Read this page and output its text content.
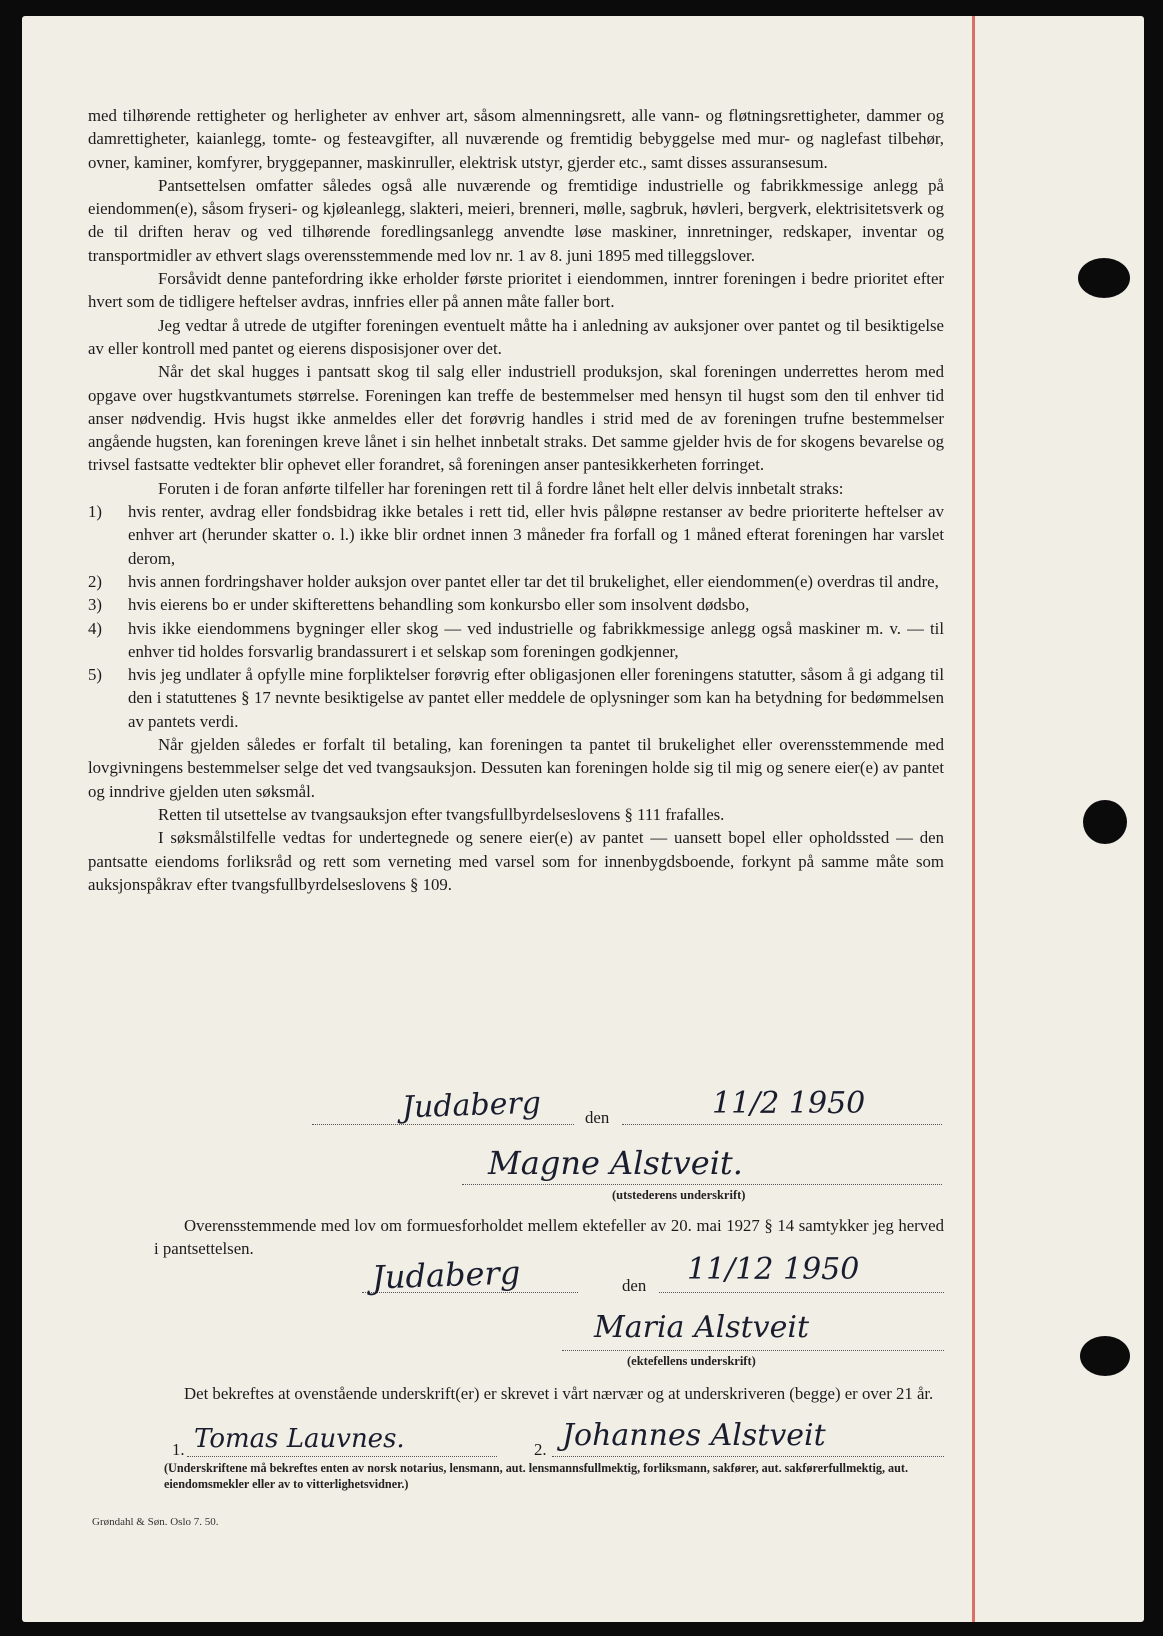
med tilhørende rettigheter og herligheter av enhver art, såsom almenningsrett, alle vann- og fløtningsrettigheter, dammer og damrettigheter, kaianlegg, tomte- og festeavgifter, all nuværende og fremtidig bebyggelse med mur- og naglefast tilbehør, ovner, kaminer, komfyrer, bryggepanner, maskinruller, elektrisk utstyr, gjerder etc., samt disses assuransesum.

Pantsettelsen omfatter således også alle nuværende og fremtidige industrielle og fabrikkmessige anlegg på eiendommen(e), såsom fryseri- og kjøleanlegg, slakteri, meieri, brenneri, mølle, sagbruk, høvleri, bergverk, elektrisitetsverk og de til driften herav og ved tilhørende foredlingsanlegg anvendte løse maskiner, innretninger, redskaper, inventar og transportmidler av ethvert slags overensstemmende med lov nr. 1 av 8. juni 1895 med tilleggslover.

Forsåvidt denne pantefordring ikke erholder første prioritet i eiendommen, inntrer foreningen i bedre prioritet efter hvert som de tidligere heftelser avdras, innfries eller på annen måte faller bort.

Jeg vedtar å utrede de utgifter foreningen eventuelt måtte ha i anledning av auksjoner over pantet og til besiktigelse av eller kontroll med pantet og eierens disposisjoner over det.

Når det skal hugges i pantsatt skog til salg eller industriell produksjon, skal foreningen underrettes herom med opgave over hugstkvantumets størrelse. Foreningen kan treffe de bestemmelser med hensyn til hugst som den til enhver tid anser nødvendig. Hvis hugst ikke anmeldes eller det forøvrig handles i strid med de av foreningen trufne bestemmelser angående hugsten, kan foreningen kreve lånet i sin helhet innbetalt straks. Det samme gjelder hvis de for skogens bevarelse og trivsel fastsatte vedtekter blir ophevet eller forandret, så foreningen anser pantesikkerheten forringet.

Foruten i de foran anførte tilfeller har foreningen rett til å fordre lånet helt eller delvis innbetalt straks:

1) hvis renter, avdrag eller fondsbidrag ikke betales i rett tid, eller hvis påløpne restanser av bedre prioriterte heftelser av enhver art (herunder skatter o. l.) ikke blir ordnet innen 3 måneder fra forfall og 1 måned efterat foreningen har varslet derom,
2) hvis annen fordringshaver holder auksjon over pantet eller tar det til brukelighet, eller eiendommen(e) overdras til andre,
3) hvis eierens bo er under skifterettens behandling som konkursbo eller som insolvent dødsbo,
4) hvis ikke eiendommens bygninger eller skog — ved industrielle og fabrikkmessige anlegg også maskiner m. v. — til enhver tid holdes forsvarlig brandassurert i et selskap som foreningen godkjenner,
5) hvis jeg undlater å opfylle mine forpliktelser forøvrig efter obligasjonen eller foreningens statutter, såsom å gi adgang til den i statuttenes § 17 nevnte besiktigelse av pantet eller meddele de oplysninger som kan ha betydning for bedømmelsen av pantets verdi.

Når gjelden således er forfalt til betaling, kan foreningen ta pantet til brukelighet eller overensstemmende med lovgivningens bestemmelser selge det ved tvangsauksjon. Dessuten kan foreningen holde sig til mig og senere eier(e) av pantet og inndrive gjelden uten søksmål.

Retten til utsettelse av tvangsauksjon efter tvangsfullbyrdelseslovens § 111 frafalles.

I søksmålstilfelle vedtas for undertegnede og senere eier(e) av pantet — uansett bopel eller opholdssted — den pantsatte eiendoms forliksråd og rett som verneting med varsel som for innenbygdsboende, forkynt på samme måte som auksjonspåkrav efter tvangsfullbyrdelseslovens § 109.

Judaberg	den	11/2 1950
Magne Alstveit.
(utstederens underskrift)

Overensstemmende med lov om formuesforholdet mellem ektefeller av 20. mai 1927 § 14 samtykker jeg herved i pantsettelsen.

Judaberg	den 11/12 1950
Maria Alstveit
(ektefellens underskrift)

Det bekreftes at ovenstående underskrift(er) er skrevet i vårt nærvær og at underskriveren (begge) er over 21 år.

1. Tomas Lauvnes.	2. Johannes Alstveit
(Underskriftene må bekreftes enten av norsk notarius, lensmann, aut. lensmannsfullmektig, forliksmann, sakfører, aut. sakførerfullmektig, aut. eiendomsmekler eller av to vitterlighetsvidner.)
Grøndahl & Søn. Oslo 7. 50.
